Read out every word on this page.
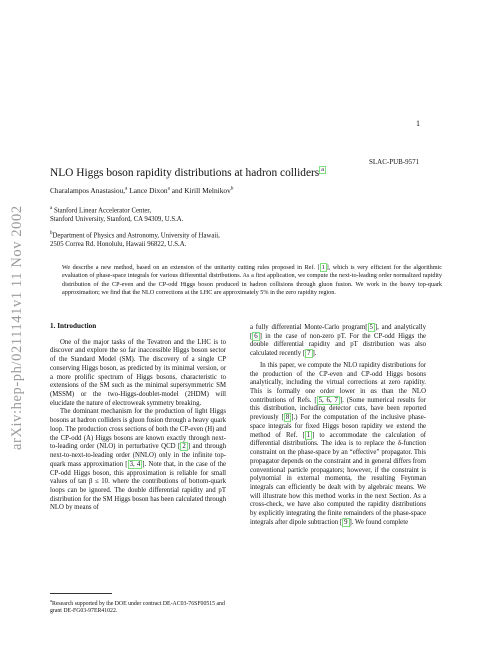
1
arXiv:hep-ph/0211141v1 11 Nov 2002
SLAC-PUB-9571
NLO Higgs boson rapidity distributions at hadron colliders $^a$
Charalampos Anastasiou,$^a$ Lance Dixon$^a$ and Kirill Melnikov$^b$
$^a$ Stanford Linear Accelerator Center,
Stanford University, Stanford, CA 94309, U.S.A.
$^b$Department of Physics and Astronomy, University of Hawaii,
2505 Correa Rd. Honolulu, Hawaii 96822, U.S.A.

We describe a new method, based on an extension of the unitarity cutting rules proposed in Ref. [ 1 ], which is very efficient for the algorithmic evaluation of phase-space integrals for various differential distributions. As a first application, we compute the next-to-leading order normalized rapidity distribution of the CP-even and the CP-odd Higgs boson produced in hadron collisions through gluon fusion. We work in the heavy top-quark approximation; we find that the NLO corrections at the LHC are approximately 5% in the zero rapidity region.

1. Introduction

One of the major tasks of the Tevatron and the LHC is to discover and explore the so far inaccessible Higgs boson sector of the Standard Model (SM). The discovery of a single CP conserving Higgs boson, as predicted by its minimal version, or a more prolific spectrum of Higgs bosons, characteristic to extensions of the SM such as the minimal supersymmetric SM (MSSM) or the two-Higgs-doublet-model (2HDM) will elucidate the nature of electroweak symmetry breaking.

The dominant mechanism for the production of light Higgs bosons at hadron colliders is gluon fusion through a heavy quark loop. The production cross sections of both the CP-even (H) and the CP-odd (A) Higgs bosons are known exactly through next-to-leading order (NLO) in perturbative QCD [ 2 ] and through next-to-next-to-leading order (NNLO) only in the infinite top-quark mass approximation [ 3, 4 ]. Note that, in the case of the CP-odd Higgs boson, this approximation is reliable for small values of tan β ≤ 10. where the contributions of bottom-quark loops can be ignored. The double differential rapidity and pT distribution for the SM Higgs boson has been calculated through NLO by means of

a fully differential Monte-Carlo program[ 5 ], and analytically [ 6 ] in the case of non-zero pT. For the CP-odd Higgs the double differential rapidity and pT distribution was also calculated recently [ 7 ].

In this paper, we compute the NLO rapidity distributions for the production of the CP-even and CP-odd Higgs bosons analytically, including the virtual corrections at zero rapidity. This is formally one order lower in αs than the NLO contributions of Refs. [ 5, 6, 7 ]. (Some numerical results for this distribution, including detector cuts, have been reported previously [ 8 ].) For the computation of the inclusive phase-space integrals for fixed Higgs boson rapidity we extend the method of Ref. [ 1 ] to accommodate the calculation of differential distributions. The idea is to replace the δ-function constraint on the phase-space by an “effective” propagator. This propagator depends on the constraint and in general differs from conventional particle propagators; however, if the constraint is polynomial in external momenta, the resulting Feynman integrals can efficiently be dealt with by algebraic means. We will illustrate how this method works in the next Section. As a cross-check, we have also computed the rapidity distributions by explicitly integrating the finite remainders of the phase-space integrals after dipole subtraction [ 9 ]. We found complete

$^a$Research supported by the DOE under contract DE-AC03-76SF00515 and grant DE-FG03-97ER41022.
